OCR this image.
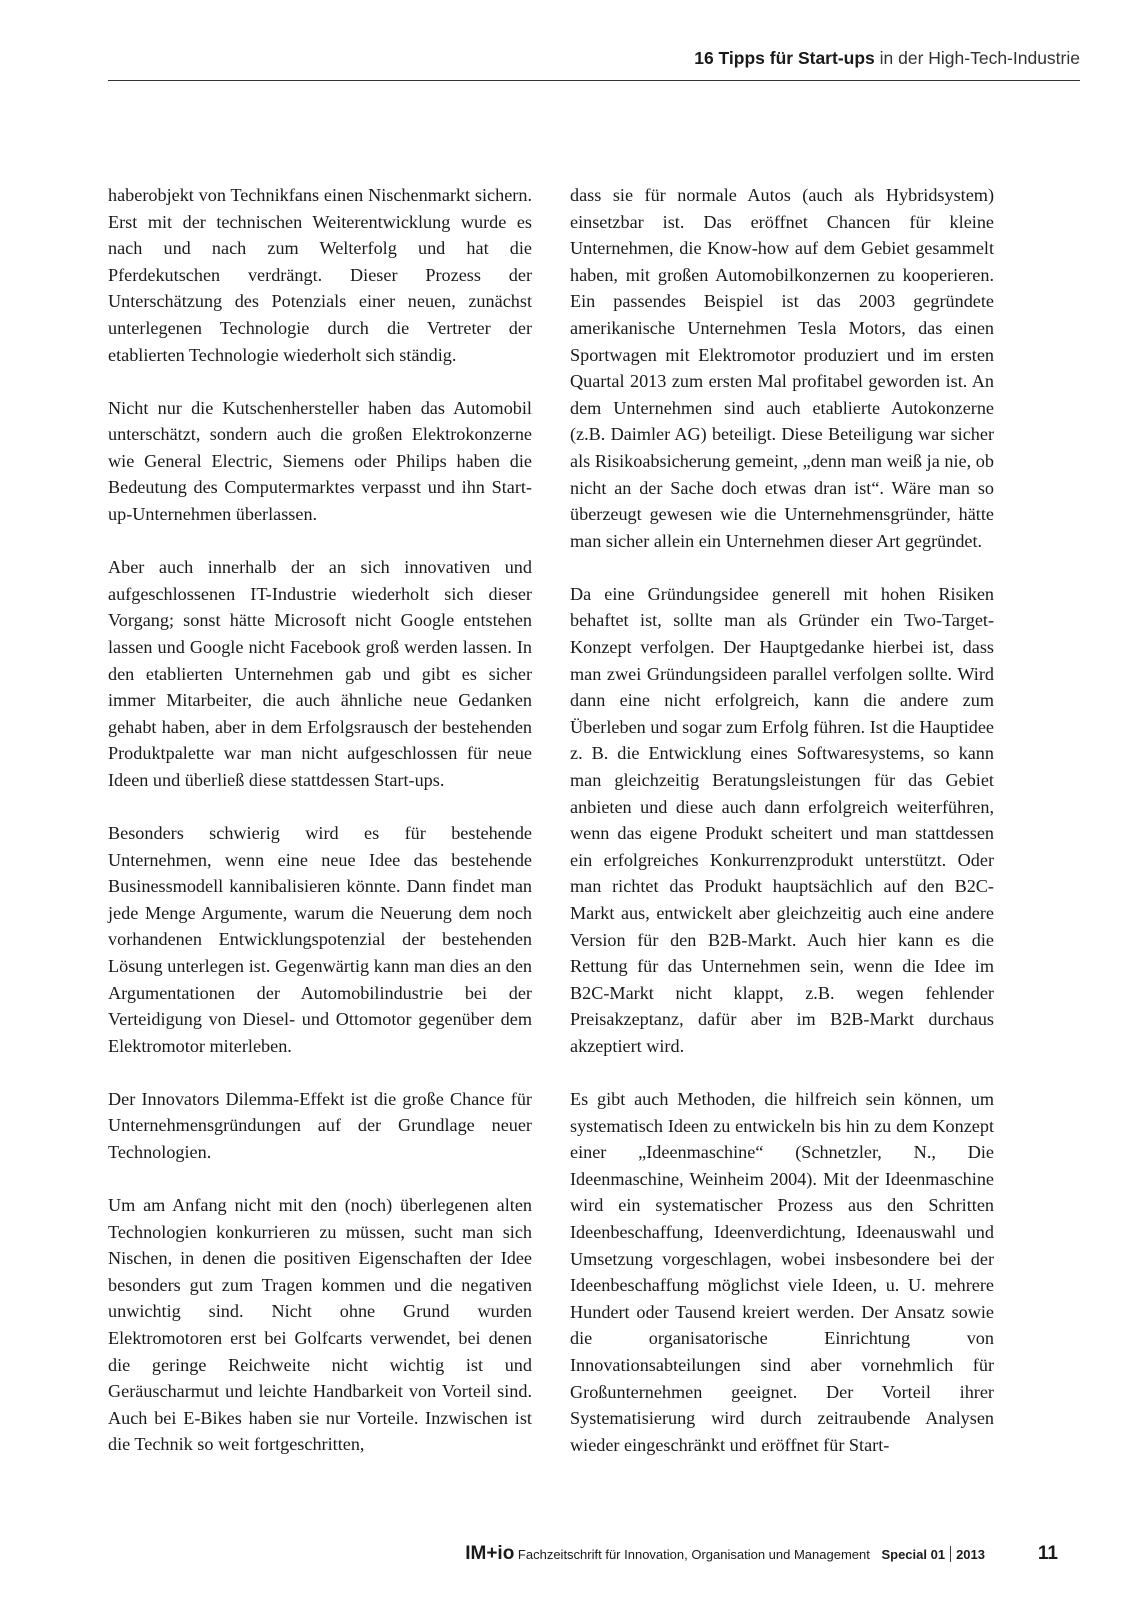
16 Tipps für Start-ups in der High-Tech-Industrie

haberobjekt von Technikfans einen Nischenmarkt sichern. Erst mit der technischen Weiterentwicklung wurde es nach und nach zum Welterfolg und hat die Pferdekutschen verdrängt. Dieser Prozess der Unterschätzung des Potenzials einer neuen, zunächst unterlegenen Technologie durch die Vertreter der etablierten Technologie wiederholt sich ständig.

Nicht nur die Kutschenhersteller haben das Automobil unterschätzt, sondern auch die großen Elektrokonzerne wie General Electric, Siemens oder Philips haben die Bedeutung des Computermarktes verpasst und ihn Start-up-Unternehmen überlassen.

Aber auch innerhalb der an sich innovativen und aufgeschlossenen IT-Industrie wiederholt sich dieser Vorgang; sonst hätte Microsoft nicht Google entstehen lassen und Google nicht Facebook groß werden lassen. In den etablierten Unternehmen gab und gibt es sicher immer Mitarbeiter, die auch ähnliche neue Gedanken gehabt haben, aber in dem Erfolgsrausch der bestehenden Produktpalette war man nicht aufgeschlossen für neue Ideen und überließ diese stattdessen Start-ups.

Besonders schwierig wird es für bestehende Unternehmen, wenn eine neue Idee das bestehende Businessmodell kannibalisieren könnte. Dann findet man jede Menge Argumente, warum die Neuerung dem noch vorhandenen Entwicklungspotenzial der bestehenden Lösung unterlegen ist. Gegenwärtig kann man dies an den Argumentationen der Automobilindustrie bei der Verteidigung von Diesel- und Ottomotor gegenüber dem Elektromotor miterleben.

Der Innovators Dilemma-Effekt ist die große Chance für Unternehmensgründungen auf der Grundlage neuer Technologien.

Um am Anfang nicht mit den (noch) überlegenen alten Technologien konkurrieren zu müssen, sucht man sich Nischen, in denen die positiven Eigenschaften der Idee besonders gut zum Tragen kommen und die negativen unwichtig sind. Nicht ohne Grund wurden Elektromotoren erst bei Golfcarts verwendet, bei denen die geringe Reichweite nicht wichtig ist und Geräuscharmut und leichte Handbarkeit von Vorteil sind. Auch bei E-Bikes haben sie nur Vorteile. Inzwischen ist die Technik so weit fortgeschritten,

dass sie für normale Autos (auch als Hybridsystem) einsetzbar ist. Das eröffnet Chancen für kleine Unternehmen, die Know-how auf dem Gebiet gesammelt haben, mit großen Automobilkonzernen zu kooperieren. Ein passendes Beispiel ist das 2003 gegründete amerikanische Unternehmen Tesla Motors, das einen Sportwagen mit Elektromotor produziert und im ersten Quartal 2013 zum ersten Mal profitabel geworden ist. An dem Unternehmen sind auch etablierte Autokonzerne (z.B. Daimler AG) beteiligt. Diese Beteiligung war sicher als Risikoabsicherung gemeint, „denn man weiß ja nie, ob nicht an der Sache doch etwas dran ist“. Wäre man so überzeugt gewesen wie die Unternehmensgründer, hätte man sicher allein ein Unternehmen dieser Art gegründet.

Da eine Gründungsidee generell mit hohen Risiken behaftet ist, sollte man als Gründer ein Two-Target-Konzept verfolgen. Der Hauptgedanke hierbei ist, dass man zwei Gründungsideen parallel verfolgen sollte. Wird dann eine nicht erfolgreich, kann die andere zum Überleben und sogar zum Erfolg führen. Ist die Hauptidee z. B. die Entwicklung eines Softwaresystems, so kann man gleichzeitig Beratungsleistungen für das Gebiet anbieten und diese auch dann erfolgreich weiterführen, wenn das eigene Produkt scheitert und man stattdessen ein erfolgreiches Konkurrenzprodukt unterstützt. Oder man richtet das Produkt hauptsächlich auf den B2C-Markt aus, entwickelt aber gleichzeitig auch eine andere Version für den B2B-Markt. Auch hier kann es die Rettung für das Unternehmen sein, wenn die Idee im B2C-Markt nicht klappt, z.B. wegen fehlender Preisakzeptanz, dafür aber im B2B-Markt durchaus akzeptiert wird.

Es gibt auch Methoden, die hilfreich sein können, um systematisch Ideen zu entwickeln bis hin zu dem Konzept einer „Ideenmaschine“ (Schnetzler, N., Die Ideenmaschine, Weinheim 2004). Mit der Ideenmaschine wird ein systematischer Prozess aus den Schritten Ideenbeschaffung, Ideenverdichtung, Ideenauswahl und Umsetzung vorgeschlagen, wobei insbesondere bei der Ideenbeschaffung möglichst viele Ideen, u. U. mehrere Hundert oder Tausend kreiert werden. Der Ansatz sowie die organisatorische Einrichtung von Innovationsabteilungen sind aber vornehmlich für Großunternehmen geeignet. Der Vorteil ihrer Systematisierung wird durch zeitraubende Analysen wieder eingeschränkt und eröffnet für Start-

IM+io Fachzeitschrift für Innovation, Organisation und Management Special 01 2013	11
